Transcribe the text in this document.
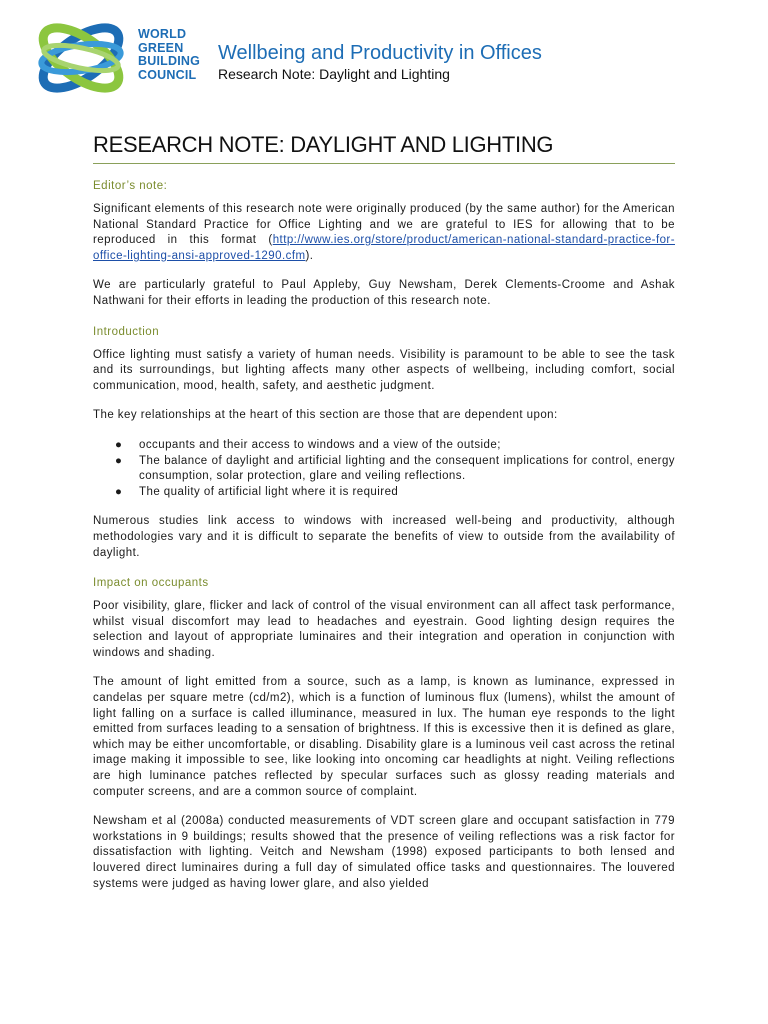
WORLD
GREEN
BUILDING
COUNCIL
Wellbeing and Productivity in Offices
Research Note: Daylight and Lighting
RESEARCH NOTE: DAYLIGHT AND LIGHTING
Editor’s note:

Significant elements of this research note were originally produced (by the same author) for the American National Standard Practice for Office Lighting and we are grateful to IES for allowing that to be reproduced in this format (http://www.ies.org/store/product/american-national-standard-practice-for-office-lighting-ansi-approved-1290.cfm).

We are particularly grateful to Paul Appleby, Guy Newsham, Derek Clements-Croome and Ashak Nathwani for their efforts in leading the production of this research note.

Introduction

Office lighting must satisfy a variety of human needs. Visibility is paramount to be able to see the task and its surroundings, but lighting affects many other aspects of wellbeing, including comfort, social communication, mood, health, safety, and aesthetic judgment.

The key relationships at the heart of this section are those that are dependent upon:

● occupants and their access to windows and a view of the outside;
● The balance of daylight and artificial lighting and the consequent implications for control, energy consumption, solar protection, glare and veiling reflections.
● The quality of artificial light where it is required

Numerous studies link access to windows with increased well-being and productivity, although methodologies vary and it is difficult to separate the benefits of view to outside from the availability of daylight.

Impact on occupants

Poor visibility, glare, flicker and lack of control of the visual environment can all affect task performance, whilst visual discomfort may lead to headaches and eyestrain. Good lighting design requires the selection and layout of appropriate luminaires and their integration and operation in conjunction with windows and shading.

The amount of light emitted from a source, such as a lamp, is known as luminance, expressed in candelas per square metre (cd/m2), which is a function of luminous flux (lumens), whilst the amount of light falling on a surface is called illuminance, measured in lux. The human eye responds to the light emitted from surfaces leading to a sensation of brightness. If this is excessive then it is defined as glare, which may be either uncomfortable, or disabling. Disability glare is a luminous veil cast across the retinal image making it impossible to see, like looking into oncoming car headlights at night. Veiling reflections are high luminance patches reflected by specular surfaces such as glossy reading materials and computer screens, and are a common source of complaint.

Newsham et al (2008a) conducted measurements of VDT screen glare and occupant satisfaction in 779 workstations in 9 buildings; results showed that the presence of veiling reflections was a risk factor for dissatisfaction with lighting. Veitch and Newsham (1998) exposed participants to both lensed and louvered direct luminaires during a full day of simulated office tasks and questionnaires. The louvered systems were judged as having lower glare, and also yielded
